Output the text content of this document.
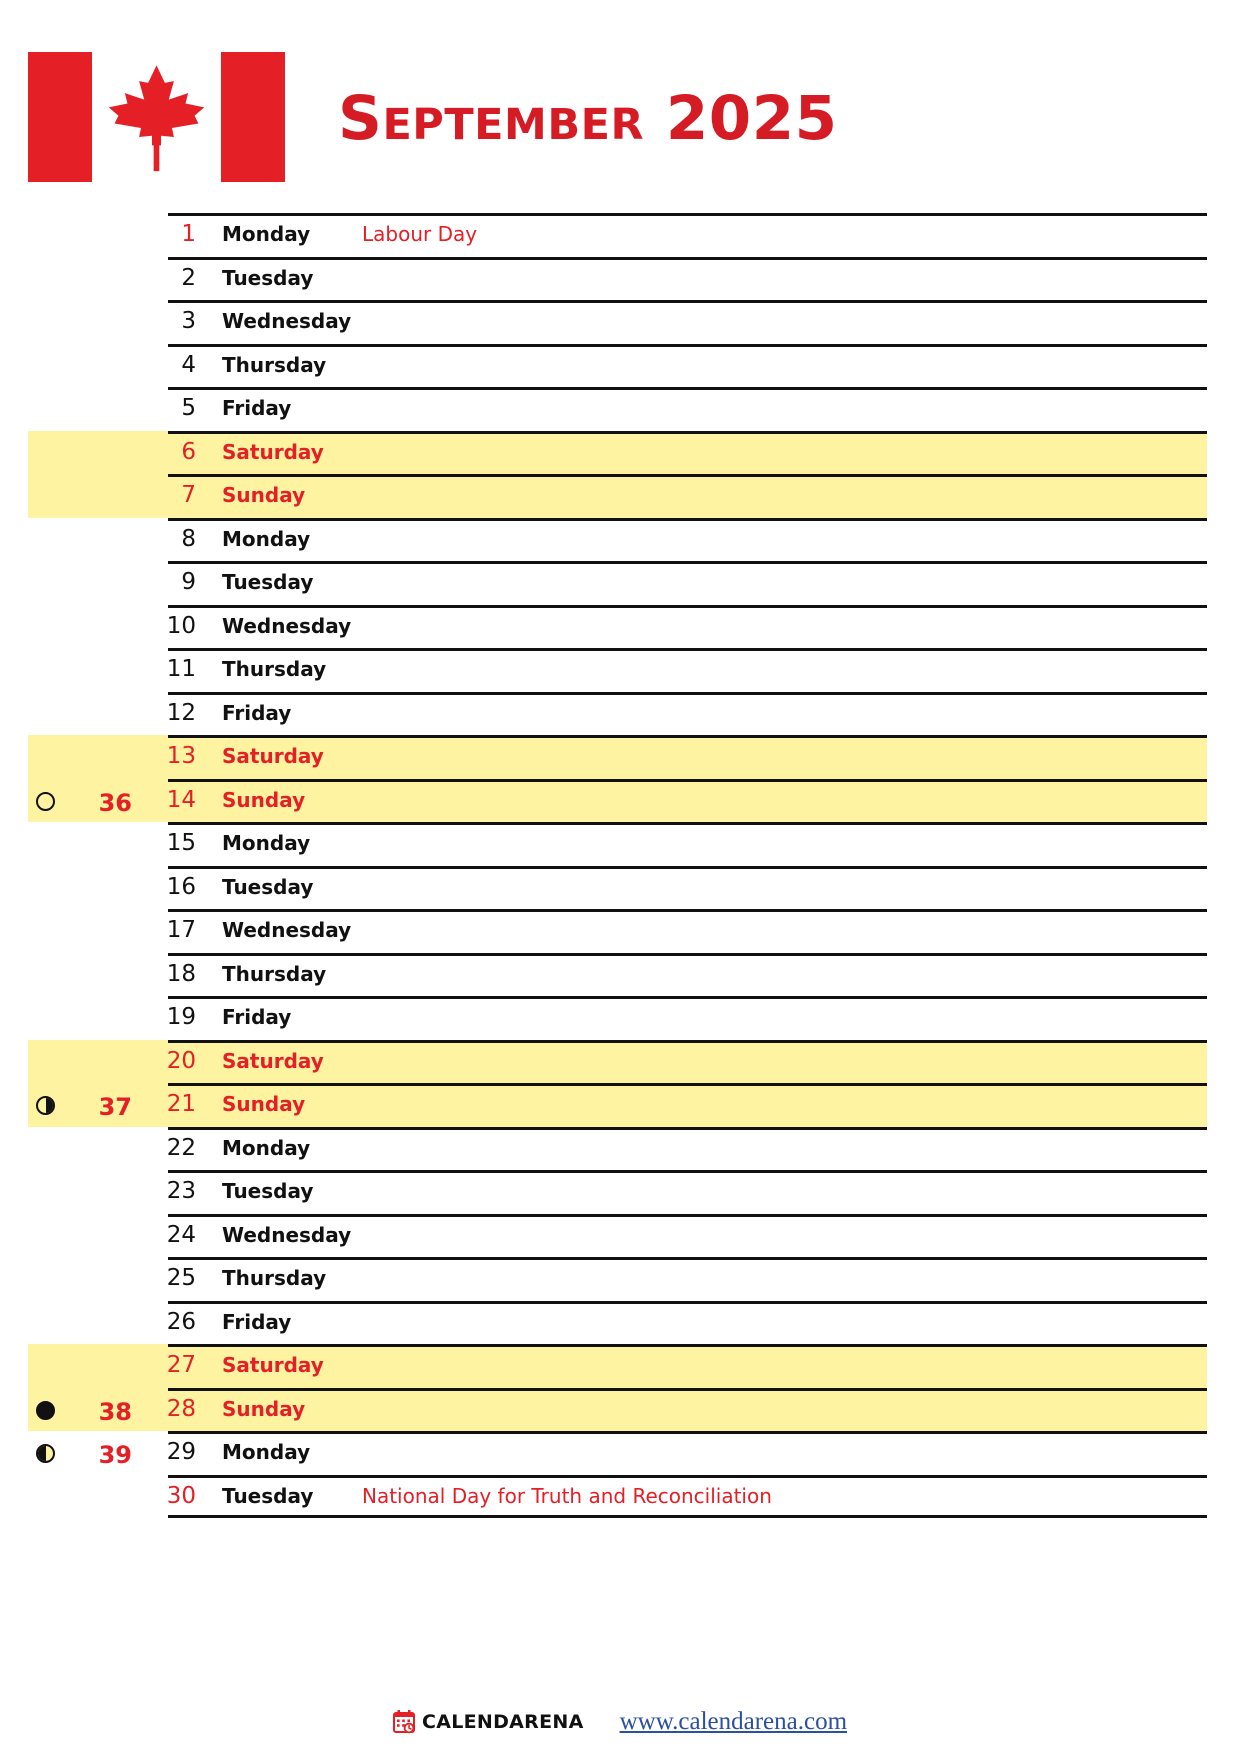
September 2025
1 Monday	Labour Day
2 Tuesday
3 Wednesday
4 Thursday
5 Friday
6 Saturday
7 Sunday
36
8 Monday
9 Tuesday
10 Wednesday
11 Thursday
12 Friday
13 Saturday
14 Sunday
37
15 Monday
16 Tuesday
17 Wednesday
18 Thursday
19 Friday
20 Saturday
21 Sunday
38
22 Monday
23 Tuesday
24 Wednesday
25 Thursday
26 Friday
27 Saturday
28 Sunday
39	29 Monday
30 Tuesday National Day for Truth and Reconciliation
CALENDARENA www.calendarena.com
